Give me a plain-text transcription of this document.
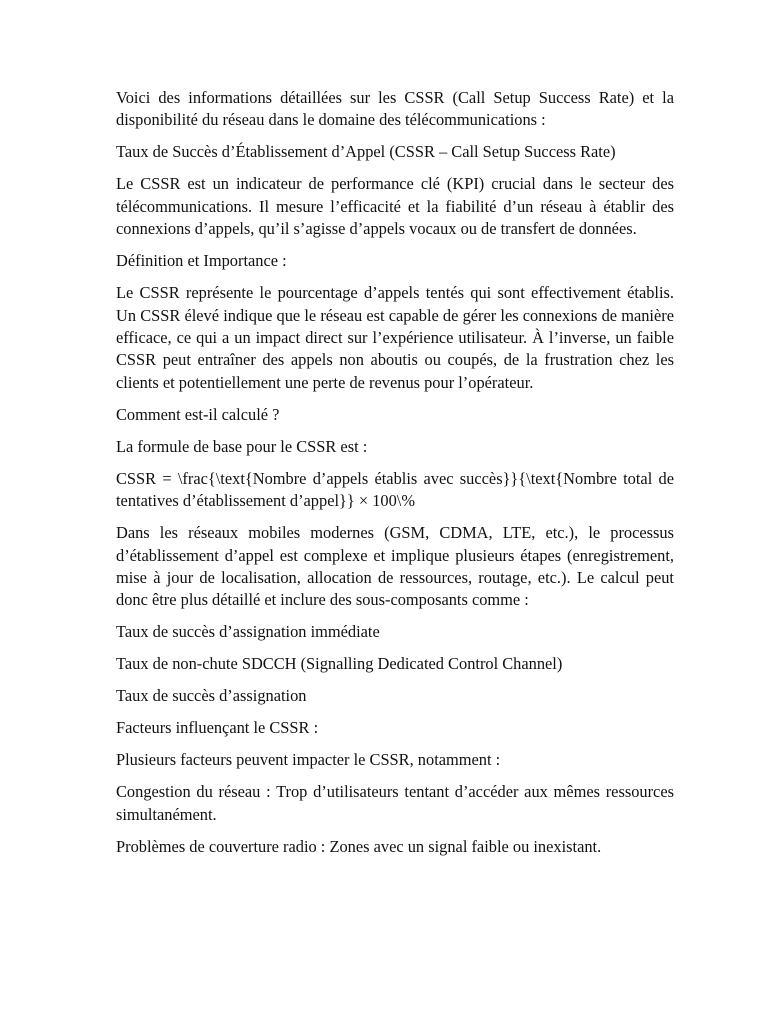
Voici des informations détaillées sur les CSSR (Call Setup Success Rate) et la disponibilité du réseau dans le domaine des télécommunications :

Taux de Succès d’Établissement d’Appel (CSSR – Call Setup Success Rate)

Le CSSR est un indicateur de performance clé (KPI) crucial dans le secteur des télécommunications. Il mesure l’efficacité et la fiabilité d’un réseau à établir des connexions d’appels, qu’il s’agisse d’appels vocaux ou de transfert de données.

Définition et Importance :

Le CSSR représente le pourcentage d’appels tentés qui sont effectivement établis. Un CSSR élevé indique que le réseau est capable de gérer les connexions de manière efficace, ce qui a un impact direct sur l’expérience utilisateur. À l’inverse, un faible CSSR peut entraîner des appels non aboutis ou coupés, de la frustration chez les clients et potentiellement une perte de revenus pour l’opérateur.

Comment est-il calculé ?

La formule de base pour le CSSR est :

CSSR = \frac{\text{Nombre d’appels établis avec succès}}{\text{Nombre total de tentatives d’établissement d’appel}} × 100\%

Dans les réseaux mobiles modernes (GSM, CDMA, LTE, etc.), le processus d’établissement d’appel est complexe et implique plusieurs étapes (enregistrement, mise à jour de localisation, allocation de ressources, routage, etc.). Le calcul peut donc être plus détaillé et inclure des sous-composants comme :

Taux de succès d’assignation immédiate

Taux de non-chute SDCCH (Signalling Dedicated Control Channel)

Taux de succès d’assignation

Facteurs influençant le CSSR :

Plusieurs facteurs peuvent impacter le CSSR, notamment :

Congestion du réseau : Trop d’utilisateurs tentant d’accéder aux mêmes ressources simultanément.

Problèmes de couverture radio : Zones avec un signal faible ou inexistant.
